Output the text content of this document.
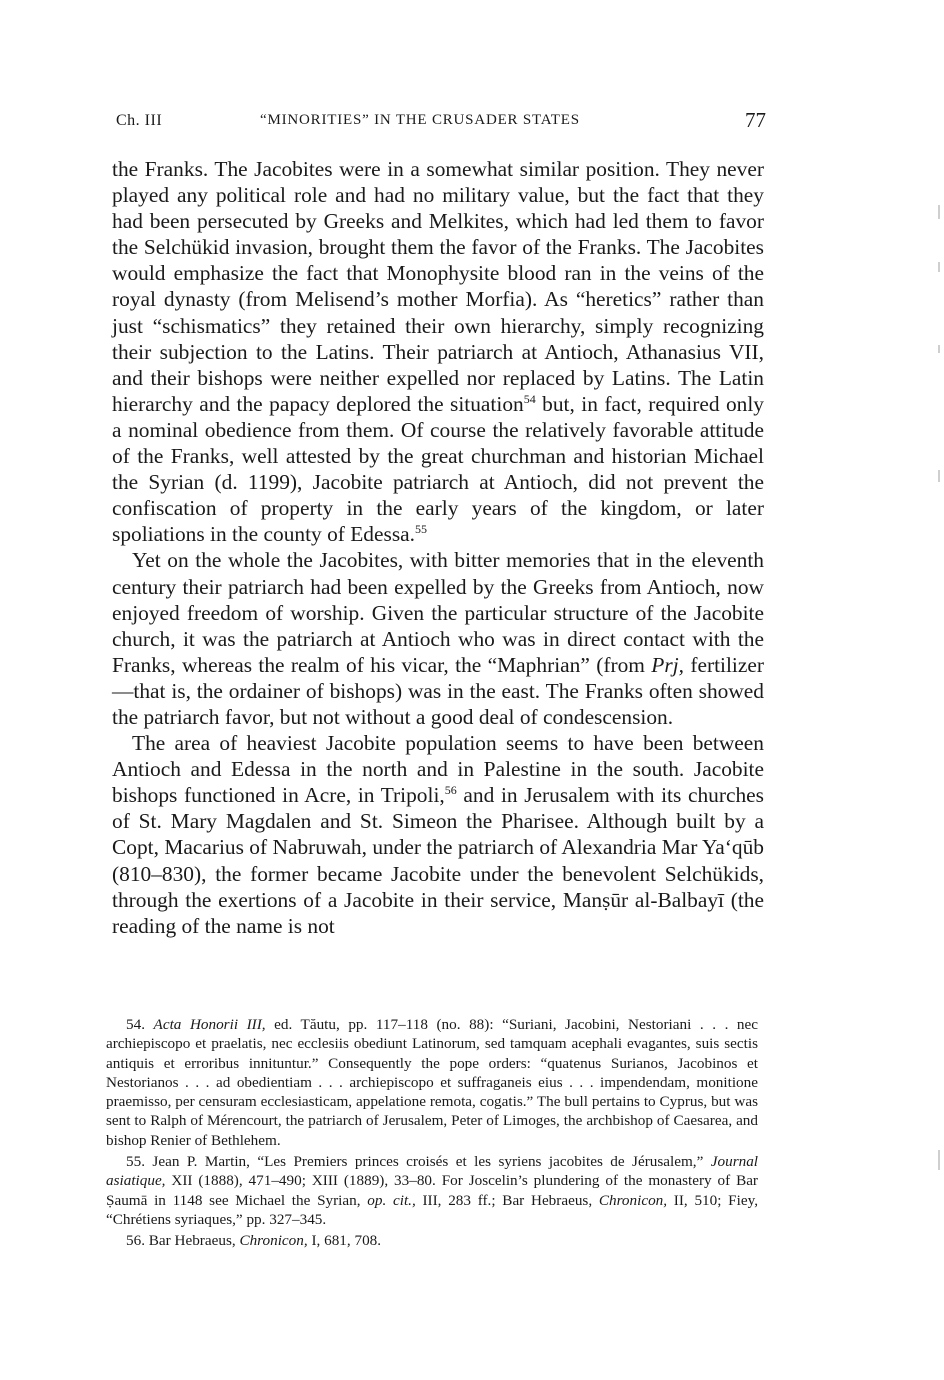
Ch. III	“MINORITIES” IN THE CRUSADER STATES	77

the Franks. The Jacobites were in a somewhat similar position. They never played any political role and had no military value, but the fact that they had been persecuted by Greeks and Melkites, which had led them to favor the Selchükid invasion, brought them the favor of the Franks. The Jacobites would emphasize the fact that Monophysite blood ran in the veins of the royal dynasty (from Melisend’s mother Morfia). As “heretics” rather than just “schismatics” they retained their own hierarchy, simply recognizing their subjection to the Latins. Their patriarch at Antioch, Athanasius VII, and their bishops were neither expelled nor replaced by Latins. The Latin hierarchy and the papacy deplored the situation$^{54}$ but, in fact, required only a nominal obedience from them. Of course the relatively favorable attitude of the Franks, well attested by the great churchman and historian Michael the Syrian (d. 1199), Jacobite patriarch at Antioch, did not prevent the confiscation of property in the early years of the kingdom, or later spoliations in the county of Edessa.$^{55}$

Yet on the whole the Jacobites, with bitter memories that in the eleventh century their patriarch had been expelled by the Greeks from Antioch, now enjoyed freedom of worship. Given the particular structure of the Jacobite church, it was the patriarch at Antioch who was in direct contact with the Franks, whereas the realm of his vicar, the “Maphrian” (from Prj, fertilizer—that is, the ordainer of bishops) was in the east. The Franks often showed the patriarch favor, but not without a good deal of condescension.

The area of heaviest Jacobite population seems to have been between Antioch and Edessa in the north and in Palestine in the south. Jacobite bishops functioned in Acre, in Tripoli,$^{56}$ and in Jerusalem with its churches of St. Mary Magdalen and St. Simeon the Pharisee. Although built by a Copt, Macarius of Nabruwah, under the patriarch of Alexandria Mar Ya‘qūb (810–830), the former became Jacobite under the benevolent Selchükids, through the exertions of a Jacobite in their service, Manṣūr al-Balbayī (the reading of the name is not

54. Acta Honorii III, ed. Tăutu, pp. 117–118 (no. 88): “Suriani, Jacobini, Nestoriani . . . nec archiepiscopo et praelatis, nec ecclesiis obediunt Latinorum, sed tamquam acephali evagantes, suis sectis antiquis et erroribus innituntur.” Consequently the pope orders: “quatenus Surianos, Jacobinos et Nestorianos . . . ad obedientiam . . . archiepiscopo et suffraganeis eius . . . impendendam, monitione praemisso, per censuram ecclesiasticam, appelatione remota, cogatis.” The bull pertains to Cyprus, but was sent to Ralph of Mérencourt, the patriarch of Jerusalem, Peter of Limoges, the archbishop of Caesarea, and bishop Renier of Bethlehem.

55. Jean P. Martin, “Les Premiers princes croisés et les syriens jacobites de Jérusalem,” Journal asiatique, XII (1888), 471–490; XIII (1889), 33–80. For Joscelin’s plundering of the monastery of Bar Ṣaumā in 1148 see Michael the Syrian, op. cit., III, 283 ff.; Bar Hebraeus, Chronicon, II, 510; Fiey, “Chrétiens syriaques,” pp. 327–345.

56. Bar Hebraeus, Chronicon, I, 681, 708.
